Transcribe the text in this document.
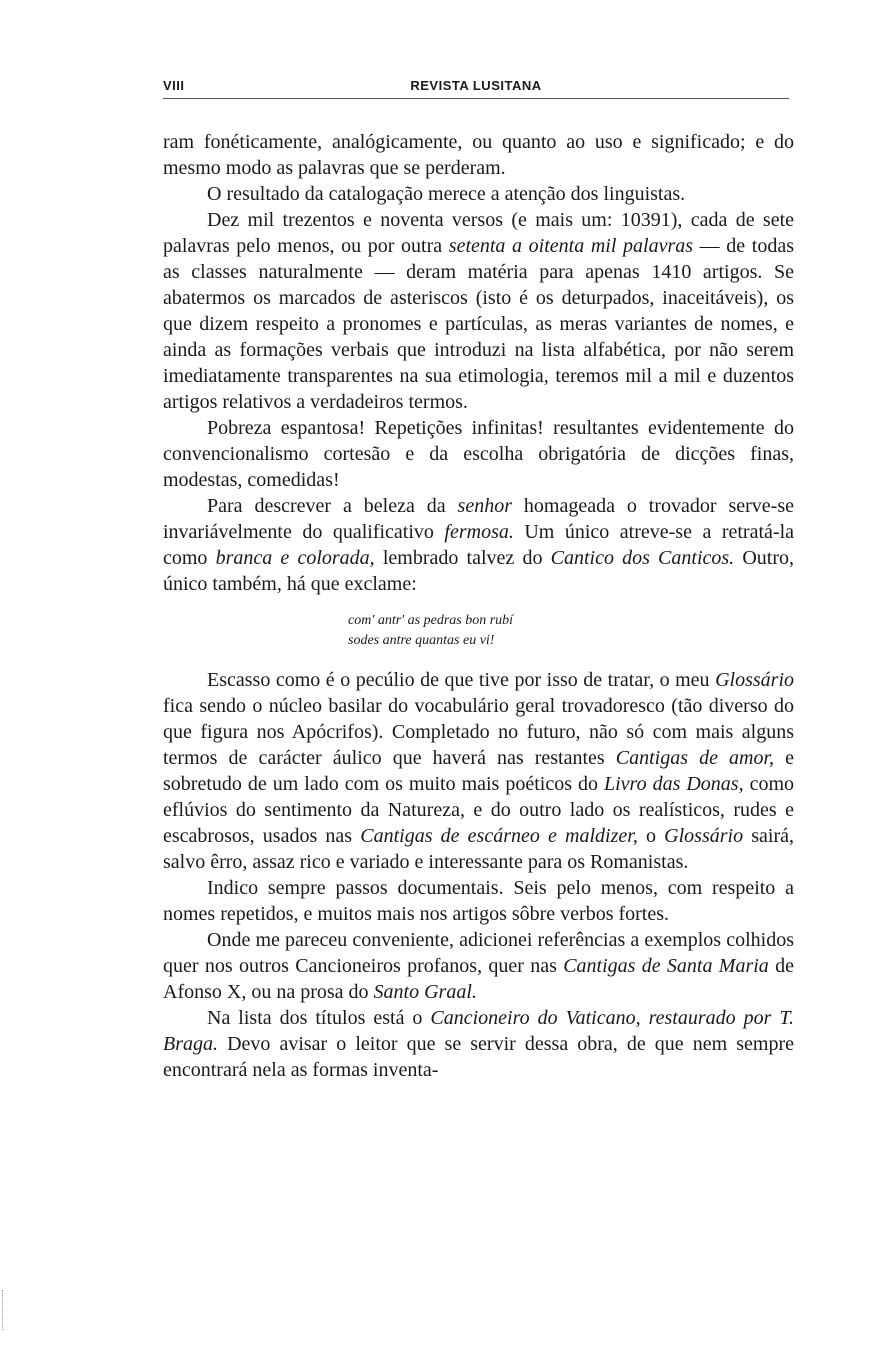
VIII	REVISTA LUSITANA

ram fonéticamente, analógicamente, ou quanto ao uso e significado; e do mesmo modo as palavras que se perderam.

O resultado da catalogação merece a atenção dos linguistas.

Dez mil trezentos e noventa versos (e mais um: 10391), cada de sete palavras pelo menos, ou por outra setenta a oitenta mil palavras — de todas as classes naturalmente — deram matéria para apenas 1410 artigos. Se abatermos os marcados de asteriscos (isto é os deturpados, inaceitáveis), os que dizem respeito a pronomes e partículas, as meras variantes de nomes, e ainda as formações verbais que introduzi na lista alfabética, por não serem imediatamente transparentes na sua etimologia, teremos mil a mil e duzentos artigos relativos a verdadeiros termos.

Pobreza espantosa! Repetições infinitas! resultantes evidentemente do convencionalismo cortesão e da escolha obrigatória de dicções finas, modestas, comedidas!

Para descrever a beleza da senhor homageada o trovador serve-se invariávelmente do qualificativo fermosa. Um único atreve-se a retratá-la como branca e colorada, lembrado talvez do Cantico dos Canticos. Outro, único também, há que exclame:

com' antr' as pedras bon rubí
sodes antre quantas eu vi!

Escasso como é o pecúlio de que tive por isso de tratar, o meu Glossário fica sendo o núcleo basilar do vocabulário geral trovadoresco (tão diverso do que figura nos Apócrifos). Completado no futuro, não só com mais alguns termos de carácter áulico que haverá nas restantes Cantigas de amor, e sobretudo de um lado com os muito mais poéticos do Livro das Donas, como eflúvios do sentimento da Natureza, e do outro lado os realísticos, rudes e escabrosos, usados nas Cantigas de escárneo e maldizer, o Glossário sairá, salvo êrro, assaz rico e variado e interessante para os Romanistas.

Indico sempre passos documentais. Seis pelo menos, com respeito a nomes repetidos, e muitos mais nos artigos sôbre verbos fortes.

Onde me pareceu conveniente, adicionei referências a exemplos colhidos quer nos outros Cancioneiros profanos, quer nas Cantigas de Santa Maria de Afonso X, ou na prosa do Santo Graal.

Na lista dos títulos está o Cancioneiro do Vaticano, restaurado por T. Braga. Devo avisar o leitor que se servir dessa obra, de que nem sempre encontrará nela as formas inventa-
